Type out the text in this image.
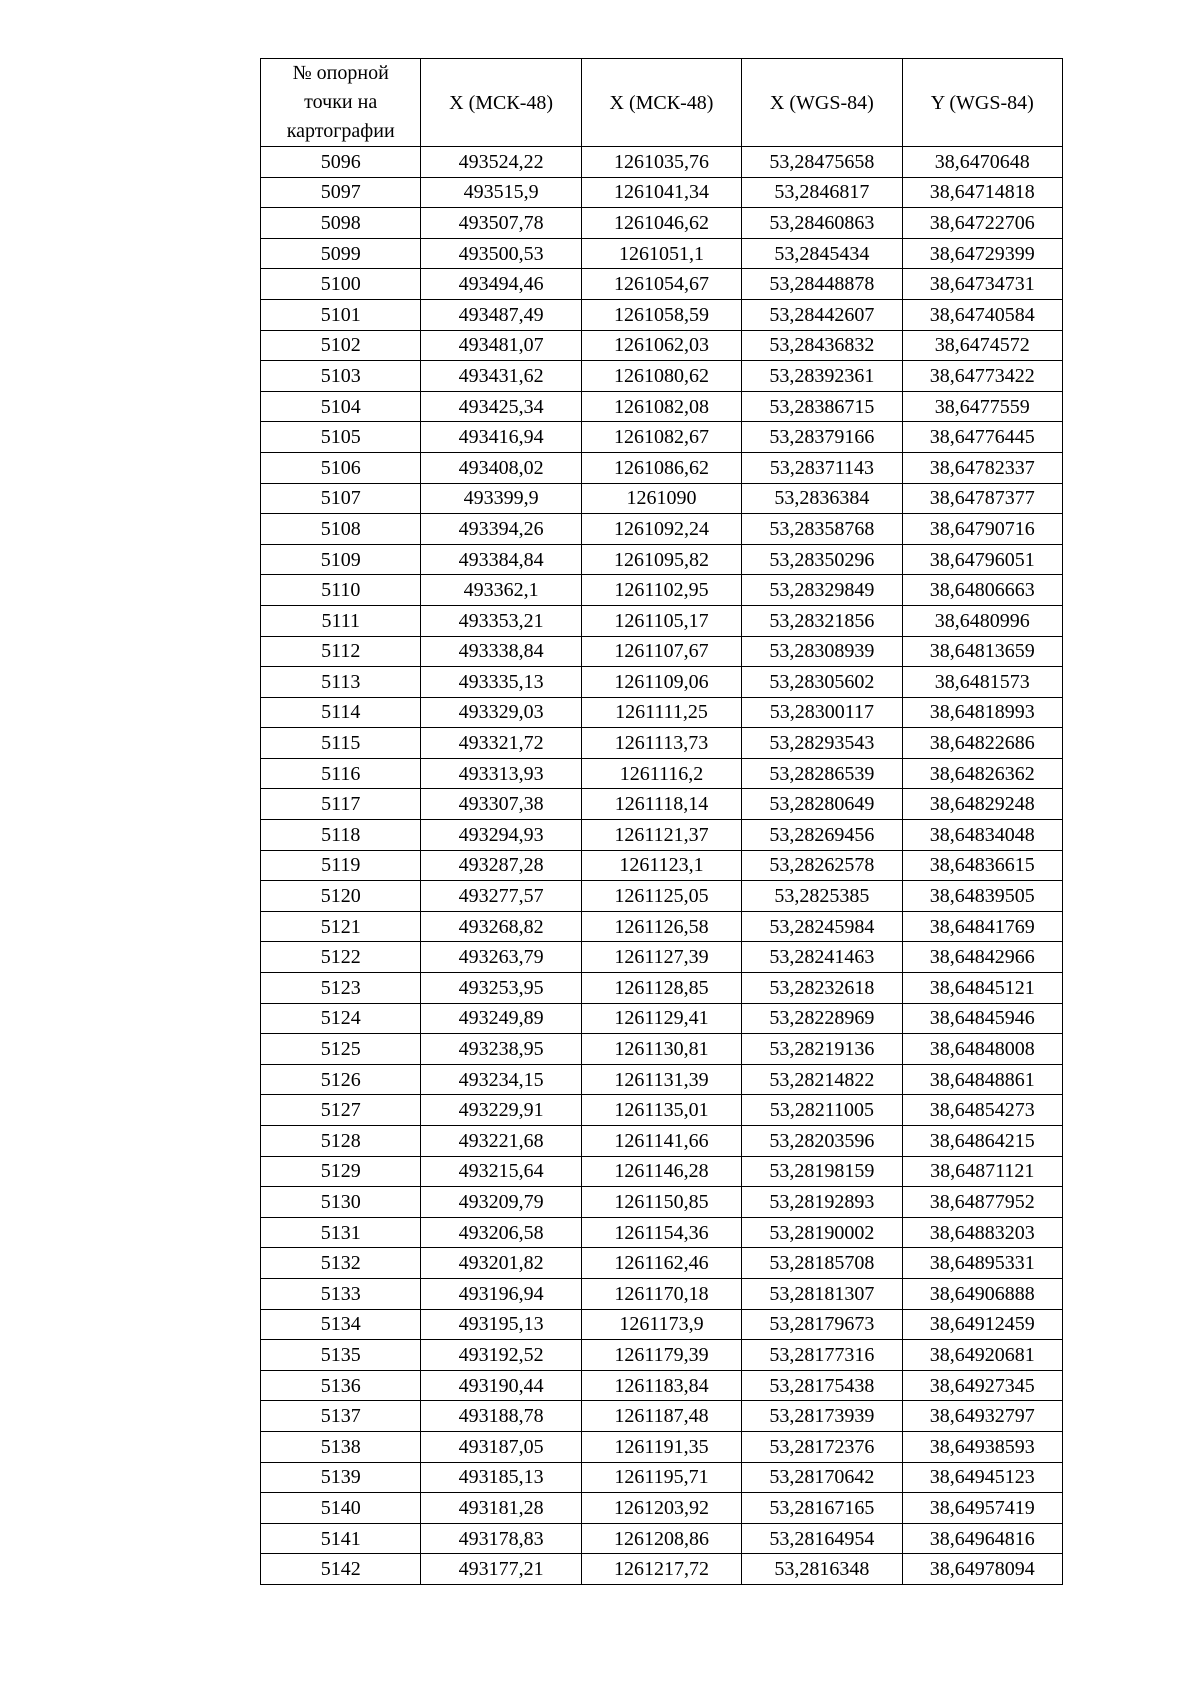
№ опорной точки на картографии	X (МСК-48)	X (МСК-48)	X (WGS-84)	Y (WGS-84)
5096	493524,22	1261035,76	53,28475658	38,6470648
5097	493515,9	1261041,34	53,2846817	38,64714818
5098	493507,78	1261046,62	53,28460863	38,64722706
5099	493500,53	1261051,1	53,2845434	38,64729399
5100	493494,46	1261054,67	53,28448878	38,64734731
5101	493487,49	1261058,59	53,28442607	38,64740584
5102	493481,07	1261062,03	53,28436832	38,6474572
5103	493431,62	1261080,62	53,28392361	38,64773422
5104	493425,34	1261082,08	53,28386715	38,6477559
5105	493416,94	1261082,67	53,28379166	38,64776445
5106	493408,02	1261086,62	53,28371143	38,64782337
5107	493399,9	1261090	53,2836384	38,64787377
5108	493394,26	1261092,24	53,28358768	38,64790716
5109	493384,84	1261095,82	53,28350296	38,64796051
5110	493362,1	1261102,95	53,28329849	38,64806663
5111	493353,21	1261105,17	53,28321856	38,6480996
5112	493338,84	1261107,67	53,28308939	38,64813659
5113	493335,13	1261109,06	53,28305602	38,6481573
5114	493329,03	1261111,25	53,28300117	38,64818993
5115	493321,72	1261113,73	53,28293543	38,64822686
5116	493313,93	1261116,2	53,28286539	38,64826362
5117	493307,38	1261118,14	53,28280649	38,64829248
5118	493294,93	1261121,37	53,28269456	38,64834048
5119	493287,28	1261123,1	53,28262578	38,64836615
5120	493277,57	1261125,05	53,2825385	38,64839505
5121	493268,82	1261126,58	53,28245984	38,64841769
5122	493263,79	1261127,39	53,28241463	38,64842966
5123	493253,95	1261128,85	53,28232618	38,64845121
5124	493249,89	1261129,41	53,28228969	38,64845946
5125	493238,95	1261130,81	53,28219136	38,64848008
5126	493234,15	1261131,39	53,28214822	38,64848861
5127	493229,91	1261135,01	53,28211005	38,64854273
5128	493221,68	1261141,66	53,28203596	38,64864215
5129	493215,64	1261146,28	53,28198159	38,64871121
5130	493209,79	1261150,85	53,28192893	38,64877952
5131	493206,58	1261154,36	53,28190002	38,64883203
5132	493201,82	1261162,46	53,28185708	38,64895331
5133	493196,94	1261170,18	53,28181307	38,64906888
5134	493195,13	1261173,9	53,28179673	38,64912459
5135	493192,52	1261179,39	53,28177316	38,64920681
5136	493190,44	1261183,84	53,28175438	38,64927345
5137	493188,78	1261187,48	53,28173939	38,64932797
5138	493187,05	1261191,35	53,28172376	38,64938593
5139	493185,13	1261195,71	53,28170642	38,64945123
5140	493181,28	1261203,92	53,28167165	38,64957419
5141	493178,83	1261208,86	53,28164954	38,64964816
5142	493177,21	1261217,72	53,2816348	38,64978094
